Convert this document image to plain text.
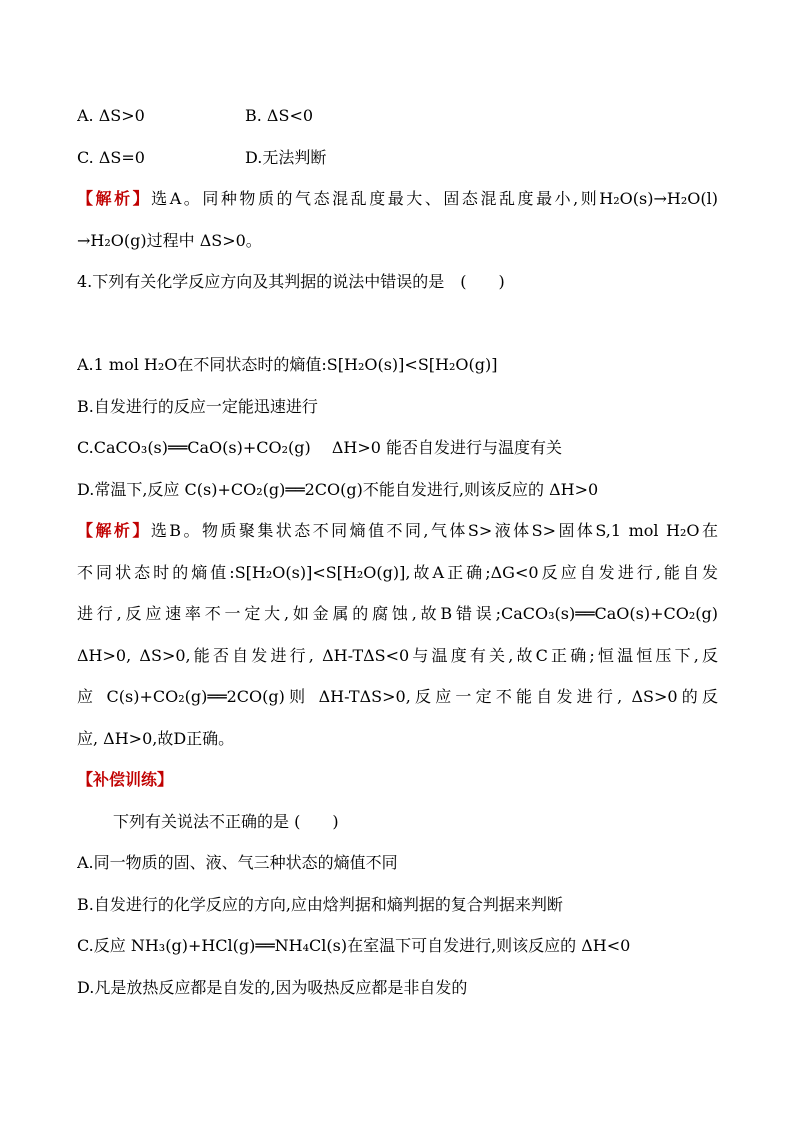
A. ΔS>0

	B. ΔS<0

C. ΔS=0

	D.无法判断

【解析】选A。同种物质的气态混乱度最大、固态混乱度最小,则H₂O(s)→H₂O(l)
→H₂O(g)过程中 ΔS>0。
4.下列有关化学反应方向及其判据的说法中错误的是　(　　)
A.1 mol H₂O在不同状态时的熵值:S[H₂O(s)]<S[H₂O(g)]
B.自发进行的反应一定能迅速进行
C.CaCO₃(s)══CaO(s)+CO₂(g)　 ΔH>0 能否自发进行与温度有关
D.常温下,反应 C(s)+CO₂(g)══2CO(g)不能自发进行,则该反应的 ΔH>0
【解析】选B。物质聚集状态不同熵值不同,气体S>液体S>固体S,1 mol H₂O在
不同状态时的熵值:S[H₂O(s)]<S[H₂O(g)],故A正确;ΔG<0反应自发进行,能自发
进行,反应速率不一定大,如金属的腐蚀,故B错误;CaCO₃(s)══CaO(s)+CO₂(g)
ΔH>0, ΔS>0,能否自发进行, ΔH-TΔS<0与温度有关,故C正确;恒温恒压下,反
应 C(s)+CO₂(g)══2CO(g)则 ΔH-TΔS>0,反应一定不能自发进行, ΔS>0的反
应, ΔH>0,故D正确。
【补偿训练】
下列有关说法不正确的是 (　　)
A.同一物质的固、液、气三种状态的熵值不同
B.自发进行的化学反应的方向,应由焓判据和熵判据的复合判据来判断
C.反应 NH₃(g)+HCl(g)══NH₄Cl(s)在室温下可自发进行,则该反应的 ΔH<0
D.凡是放热反应都是自发的,因为吸热反应都是非自发的
